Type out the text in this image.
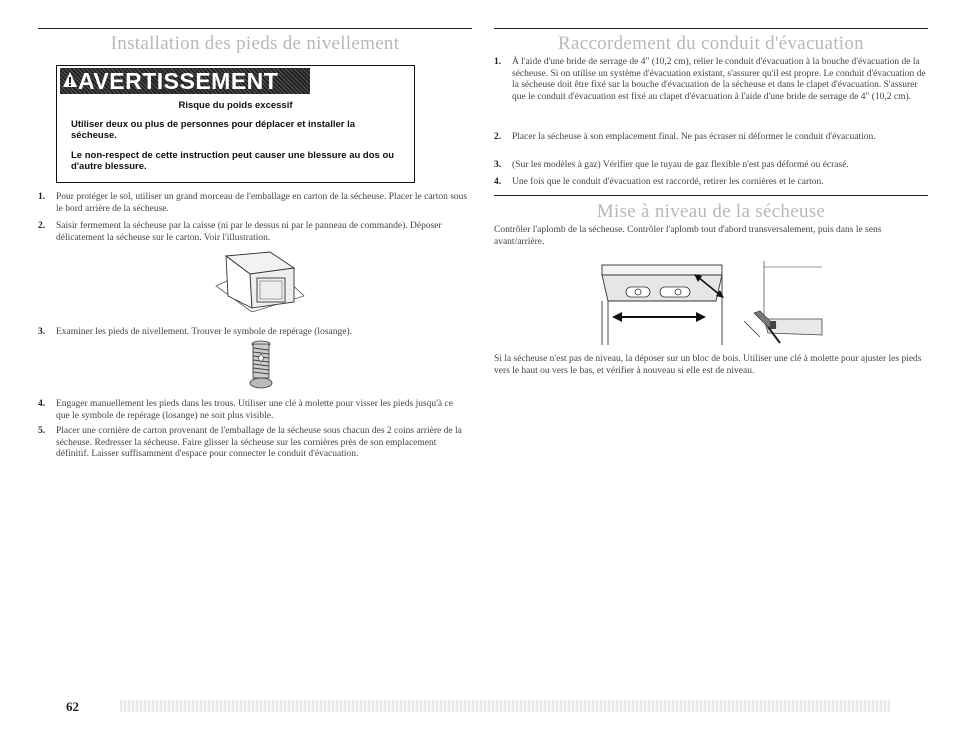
Installation des pieds de nivellement
AVERTISSEMENT
Risque du poids excessif
Utiliser deux ou plus de personnes pour déplacer et installer la sécheuse.
Le non-respect de cette instruction peut causer une blessure au dos ou d'autre blessure.
1.	Pour protéger le sol, utiliser un grand morceau de l'emballage en carton de la sécheuse. Placer le carton sous le bord arrière de la sécheuse.
2.	Saisir fermement la sécheuse par la caisse (ni par le dessus ni par le panneau de commande). Déposer délicatement la sécheuse sur le carton. Voir l'illustration.
3.	Examiner les pieds de nivellement. Trouver le symbole de repérage (losange).
4.	Engager manuellement les pieds dans les trous. Utiliser une clé à molette pour visser les pieds jusqu'à ce que le symbole de repérage (losange) ne soit plus visible.
5.	Placer une cornière de carton provenant de l'emballage de la sécheuse sous chacun des 2 coins arrière de la sécheuse. Redresser la sécheuse. Faire glisser la sécheuse sur les cornières près de son emplacement définitif. Laisser suffisamment d'espace pour connecter le conduit d'évacuation.
Raccordement du conduit d'évacuation
1.	À l'aide d'une bride de serrage de 4" (10,2 cm), relier le conduit d'évacuation à la bouche d'évacuation de la sécheuse. Si on utilise un système d'évacuation existant, s'assurer qu'il est propre. Le conduit d'évacuation de la sécheuse doit être fixé sur la bouche d'évacuation de la sécheuse et dans le clapet d'évacuation. S'assurer que le conduit d'évacuation est fixé au clapet d'évacuation à l'aide d'une bride de serrage de 4" (10,2 cm).
2.	Placer la sécheuse à son emplacement final. Ne pas écraser ni déformer le conduit d'évacuation.
3.	(Sur les modèles à gaz) Vérifier que le tuyau de gaz flexible n'est pas déformé ou écrasé.
4.	Une fois que le conduit d'évacuation est raccordé, retirer les cornières et le carton.
Mise à niveau de la sécheuse
Contrôler l'aplomb de la sécheuse. Contrôler l'aplomb tout d'abord transversalement, puis dans le sens avant/arrière.
Si la sécheuse n'est pas de niveau, la déposer sur un bloc de bois. Utiliser une clé à molette pour ajuster les pieds vers le haut ou vers le bas, et vérifier à nouveau si elle est de niveau.
62
